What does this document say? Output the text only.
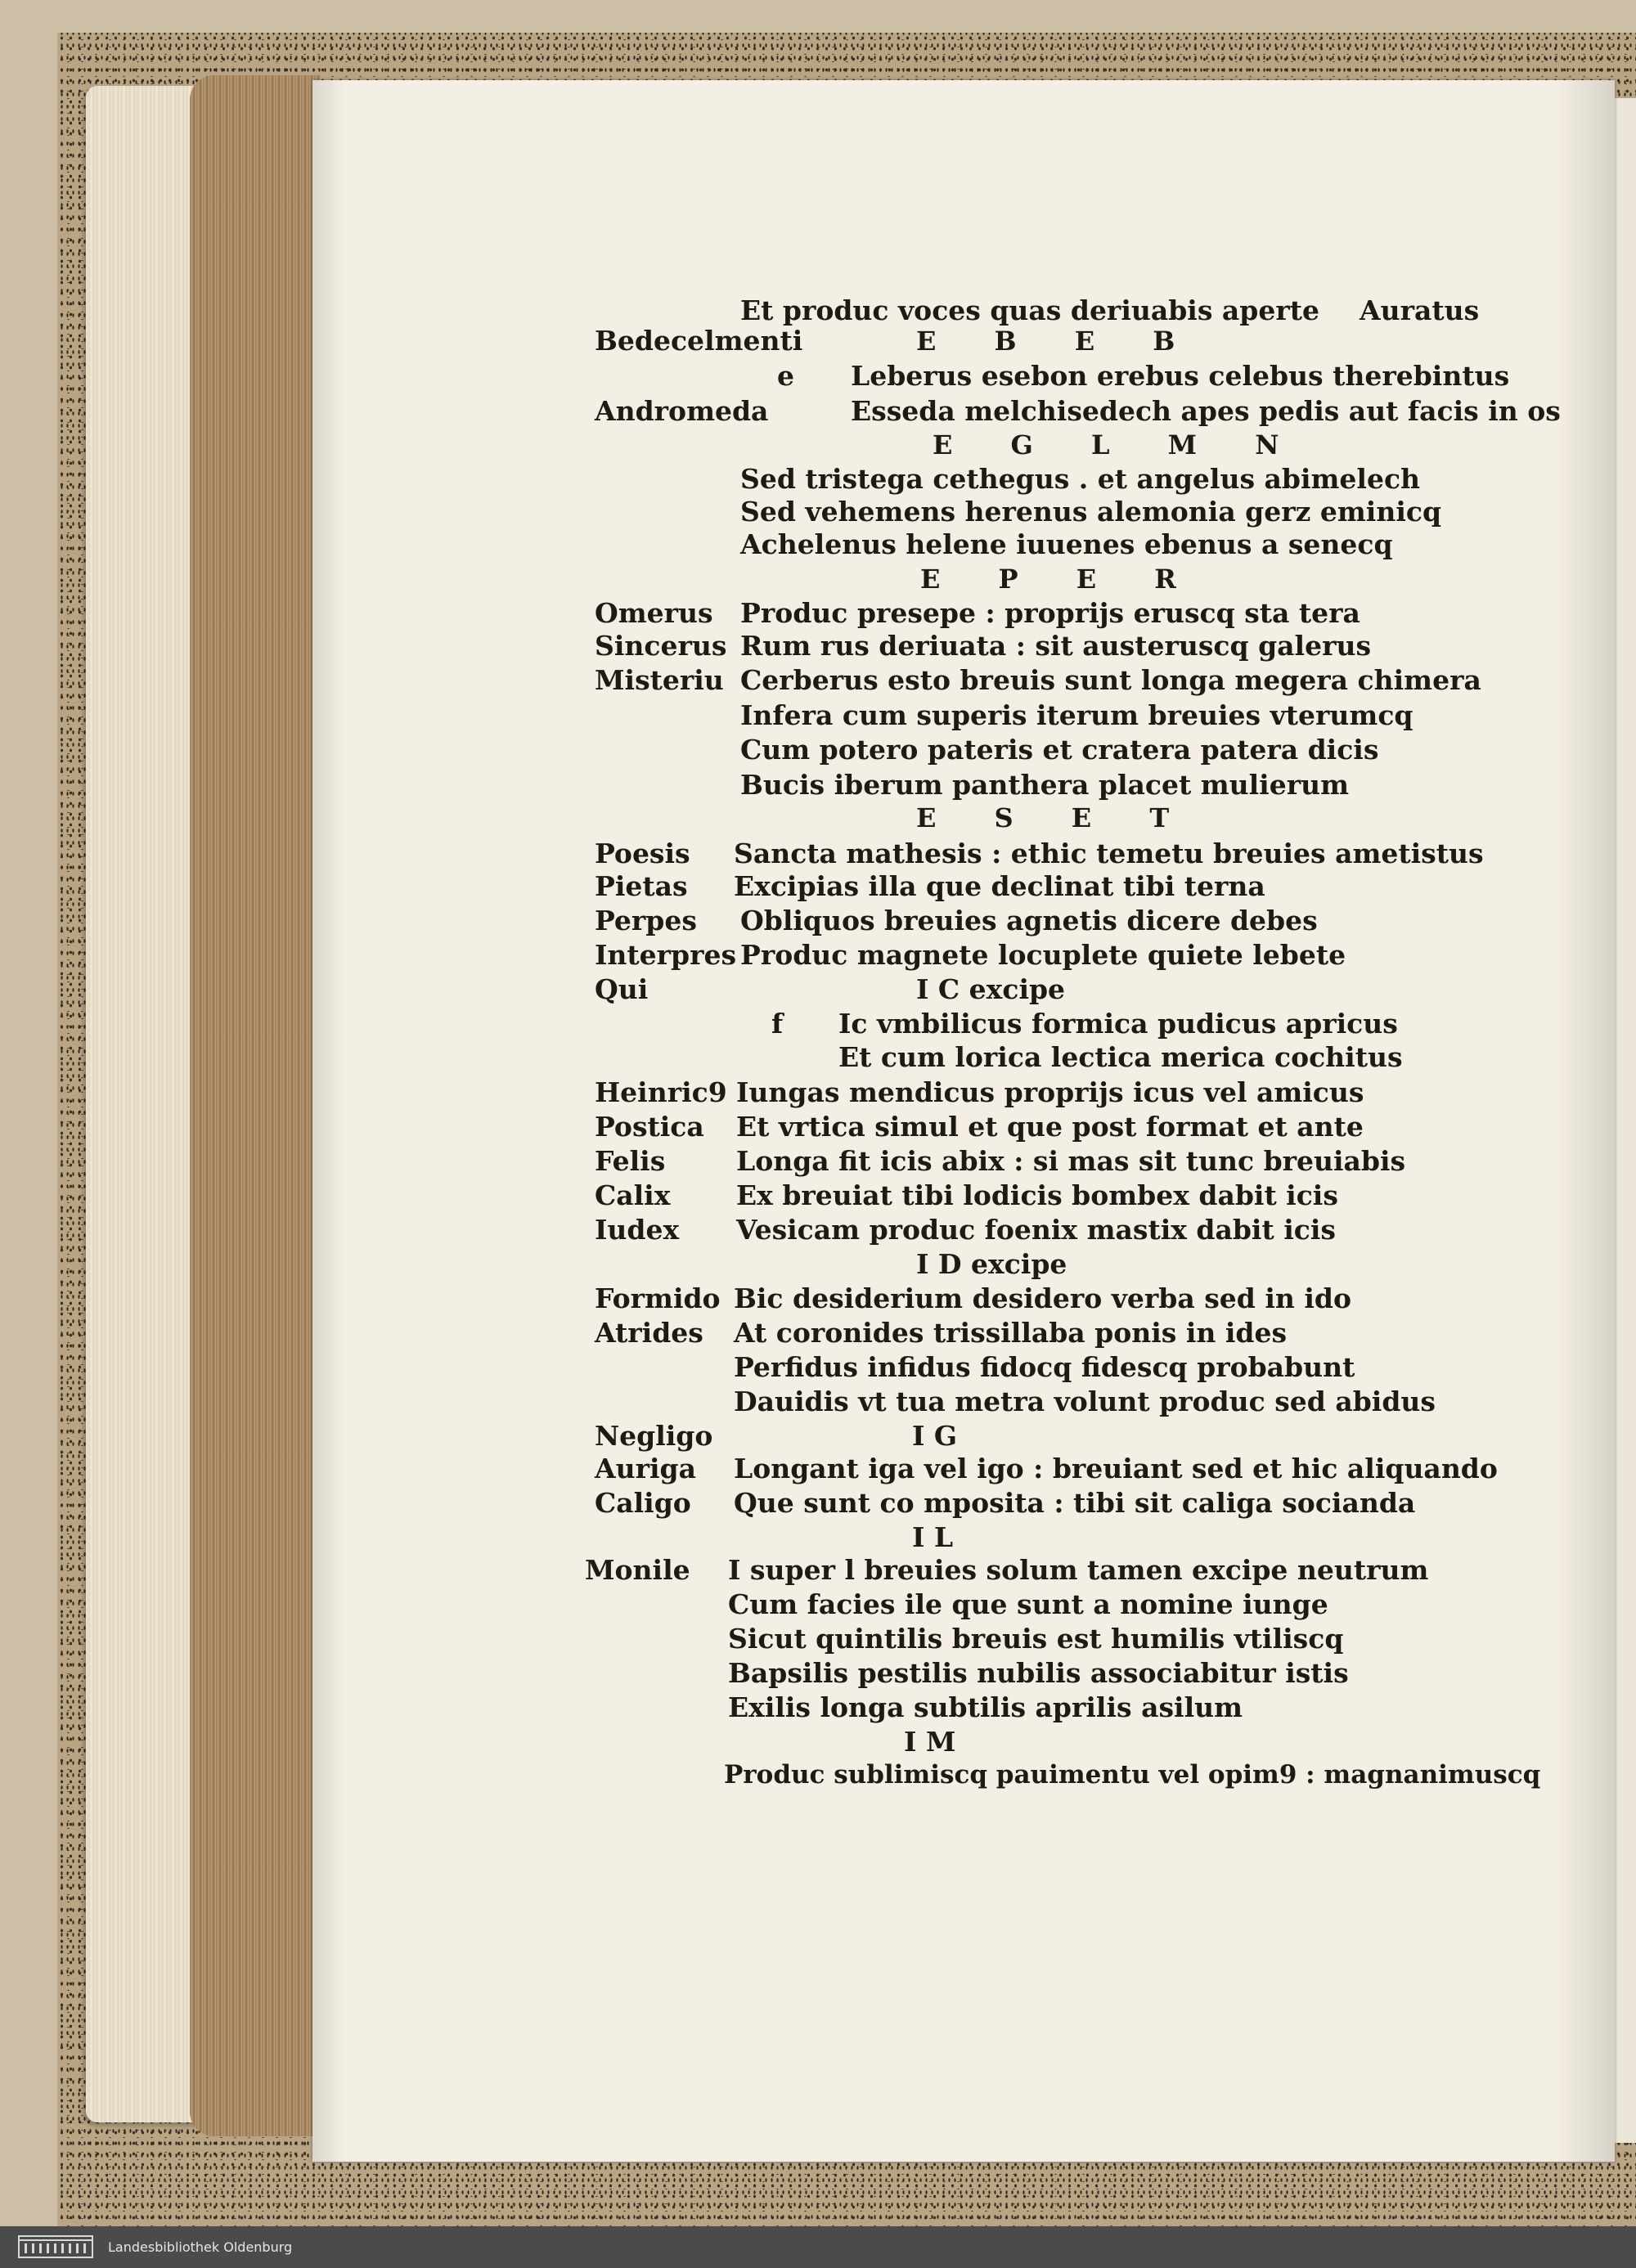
Et produc voces quas deriuabis aperte Auratus
Bedecelmenti	E B E B
e Leberus esebon erebus celebus therebintus
Andromeda	Esseda melchisedech apes pedis aut facis in os
E G L M N
Sed tristega cethegus . et angelus abimelech
Sed vehemens herenus alemonia gerz eminicq
Achelenus helene iuuenes ebenus a senecq
E P E R
Omerus Produc presepe : proprijs eruscq sta tera
Sincerus Rum rus deriuata : sit austeruscq galerus
Misteriu Cerberus esto breuis sunt longa megera chimera
Infera cum superis iterum breuies vterumcq
Cum potero pateris et cratera patera dicis
Bucis iberum panthera placet mulierum
E S E T
Poesis Sancta mathesis : ethic temetu breuies ametistus
Pietas Excipias illa que declinat tibi terna
Perpes Obliquos breuies agnetis dicere debes
Interpres Produc magnete locuplete quiete lebete
Qui	I C excipe
f Ic vmbilicus formica pudicus apricus
Et cum lorica lectica merica cochitus
Heinric9 Iungas mendicus proprijs icus vel amicus
Postica Et vrtica simul et que post format et ante
Felis	Longa fit icis abix : si mas sit tunc breuiabis
Calix Ex breuiat tibi lodicis bombex dabit icis
Iudex Vesicam produc foenix mastix dabit icis
I D excipe
Formido Bic desiderium desidero verba sed in ido
Atrides At coronides trissillaba ponis in ides
Perfidus infidus fidocq fidescq probabunt
Dauidis vt tua metra volunt produc sed abidus
Negligo	I G
Auriga Longant iga vel igo : breuiant sed et hic aliquando
Caligo Que sunt co mposita : tibi sit caliga socianda
I L
Monile I super l breuies solum tamen excipe neutrum
Cum facies ile que sunt a nomine iunge
Sicut quintilis breuis est humilis vtiliscq
Bapsilis pestilis nubilis associabitur istis
Exilis longa subtilis aprilis asilum
I M
Produc sublimiscq pauimentu vel opim9 : magnanimuscq
Landesbibliothek Oldenburg
